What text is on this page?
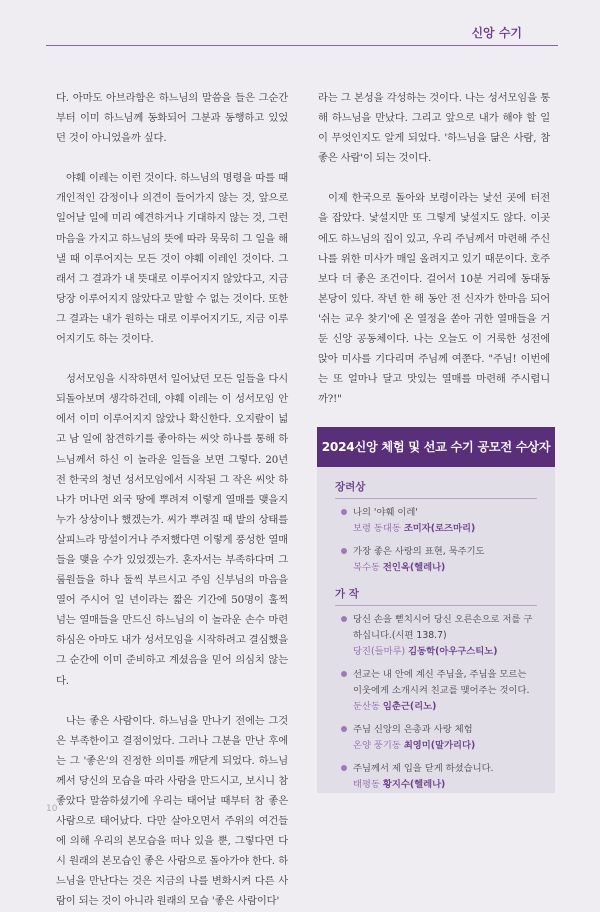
신앙 수기

다. 아마도 아브라함은 하느님의 말씀을 들은 그순간부터 이미 하느님께 동화되어 그분과 동행하고 있었던 것이 아니었을까 싶다.

야훼 이레는 이런 것이다. 하느님의 명령을 따를 때 개인적인 감정이나 의견이 들어가지 않는 것, 앞으로 일어날 일에 미리 예견하거나 기대하지 않는 것, 그런 마음을 가지고 하느님의 뜻에 따라 묵묵히 그 일을 해낼 때 이루어지는 모든 것이 야훼 이레인 것이다. 그래서 그 결과가 내 뜻대로 이루어지지 않았다고, 지금 당장 이루어지지 않았다고 말할 수 없는 것이다. 또한 그 결과는 내가 원하는 대로 이루어지기도, 지금 이루어지기도 하는 것이다.

성서모임을 시작하면서 일어났던 모든 일들을 다시 되돌아보며 생각하건데, 야훼 이레는 이 성서모임 안에서 이미 이루어지지 않았나 확신한다. 오지랖이 넓고 남 일에 참견하기를 좋아하는 씨앗 하나를 통해 하느님께서 하신 이 놀라운 일들을 보면 그렇다. 20년 전 한국의 청년 성서모임에서 시작된 그 작은 씨앗 하나가 머나먼 외국 땅에 뿌려져 이렇게 열매를 맺을지 누가 상상이나 했겠는가. 씨가 뿌려질 때 밭의 상태를 살피느라 망설이거나 주저했다면 이렇게 풍성한 열매들을 맺을 수가 있었겠는가. 혼자서는 부족하다며 그 룹원들을 하나 둘씩 부르시고 주임 신부님의 마음을 열어 주시어 일 년이라는 짧은 기간에 50명이 훌쩍 넘는 열매들을 만드신 하느님의 이 놀라운 손수 마련하심은 아마도 내가 성서모임을 시작하려고 결심했을 그 순간에 이미 준비하고 계셨음을 믿어 의심치 않는다.

나는 좋은 사람이다. 하느님을 만나기 전에는 그것은 부족한이고 결점이었다. 그러나 그분을 만난 후에는 그 '좋은'의 진정한 의미를 깨닫게 되었다. 하느님께서 당신의 모습을 따라 사람을 만드시고, 보시니 참 좋았다 말씀하셨기에 우리는 태어날 때부터 참 좋은 사람으로 태어났다. 다만 살아오면서 주위의 여건들에 의해 우리의 본모습을 떠나 있을 뿐, 그렇다면 다시 원래의 본모습인 좋은 사람으로 돌아가야 한다. 하느님을 만난다는 것은 지금의 나를 변화시켜 다른 사람이 되는 것이 아니라 원래의 모습 '좋은 사람이다'

라는 그 본성을 각성하는 것이다. 나는 성서모임을 통해 하느님을 만났다. 그리고 앞으로 내가 해야 할 일이 무엇인지도 알게 되었다. '하느님을 닮은 사람, 참 좋은 사람'이 되는 것이다.

이제 한국으로 돌아와 보령이라는 낯선 곳에 터전을 잡았다. 낯설지만 또 그렇게 낯설지도 않다. 이곳에도 하느님의 집이 있고, 우리 주님께서 마련해 주신 나를 위한 미사가 매일 올려지고 있기 때문이다. 호주보다 더 좋은 조건이다. 걸어서 10분 거리에 동대동 본당이 있다. 작년 한 해 동안 전 신자가 한마음 되어 '쉬는 교우 찾기'에 온 열정을 쏟아 귀한 열매들을 거둔 신앙 공동체이다. 나는 오늘도 이 거룩한 성전에 앉아 미사를 기다리며 주님께 여쭌다. "주님! 이번에는 또 얼마나 달고 맛있는 열매를 마련해 주시렵니까?!"

2024신앙 체험 및 선교 수기 공모전 수상자
장려상
나의 '야훼 이레'
보령 동대동 조미자(로즈마리)
가장 좋은 사랑의 표현, 묵주기도
복수동 전인옥(헬레나)
가 작
당신 손을 뻗치시어 당신 오른손으로 저를 구하십니다.(시편 138.7)
당진(들마루) 김동학(아우구스티노)
선교는 내 안에 계신 주님을, 주님을 모르는 이웃에게 소개시켜 친교를 맺어주는 것이다.
둔산동 임춘근(리노)
주님 신앙의 은총과 사랑 체험
온양 풍기동 최영미(말가리다)
주님께서 제 입을 닫게 하셨습니다.
태평동 황지수(헬레나)
10
